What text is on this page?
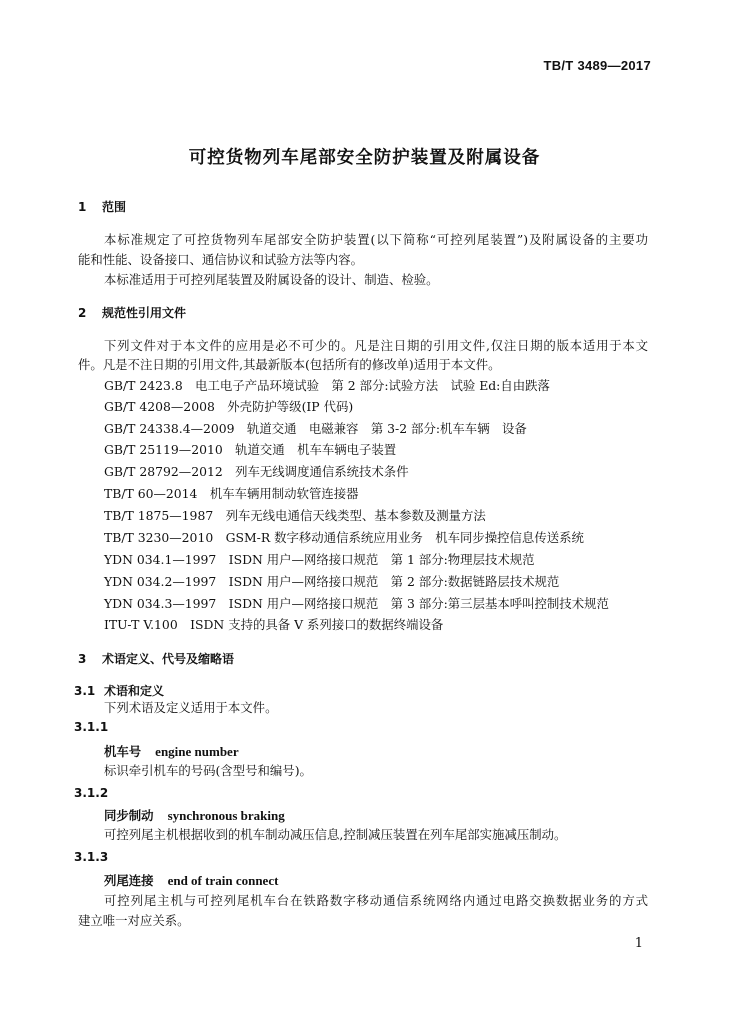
TB/T 3489—2017
可控货物列车尾部安全防护装置及附属设备
1 范围
本标准规定了可控货物列车尾部安全防护装置(以下简称“可控列尾装置”)及附属设备的主要功
能和性能、设备接口、通信协议和试验方法等内容。
本标准适用于可控列尾装置及附属设备的设计、制造、检验。
2 规范性引用文件
下列文件对于本文件的应用是必不可少的。凡是注日期的引用文件,仅注日期的版本适用于本文
件。凡是不注日期的引用文件,其最新版本(包括所有的修改单)适用于本文件。
GB/T 2423.8　电工电子产品环境试验　第 2 部分:试验方法　试验 Ed:自由跌落
GB/T 4208—2008　外壳防护等级(IP 代码)
GB/T 24338.4—2009　轨道交通　电磁兼容　第 3-2 部分:机车车辆　设备
GB/T 25119—2010　轨道交通　机车车辆电子装置
GB/T 28792—2012　列车无线调度通信系统技术条件
TB/T 60—2014　机车车辆用制动软管连接器
TB/T 1875—1987　列车无线电通信天线类型、基本参数及测量方法
TB/T 3230—2010　GSM-R 数字移动通信系统应用业务　机车同步操控信息传送系统
YDN 034.1—1997　ISDN 用户—网络接口规范　第 1 部分:物理层技术规范
YDN 034.2—1997　ISDN 用户—网络接口规范　第 2 部分:数据链路层技术规范
YDN 034.3—1997　ISDN 用户—网络接口规范　第 3 部分:第三层基本呼叫控制技术规范
ITU-T V.100　ISDN 支持的具备 V 系列接口的数据终端设备
3 术语定义、代号及缩略语
3.1 术语和定义
下列术语及定义适用于本文件。
3.1.1
机车号 engine number
标识牵引机车的号码(含型号和编号)。
3.1.2
同步制动 synchronous braking
可控列尾主机根据收到的机车制动减压信息,控制减压装置在列车尾部实施减压制动。
3.1.3
列尾连接 end of train connect
可控列尾主机与可控列尾机车台在铁路数字移动通信系统网络内通过电路交换数据业务的方式
建立唯一对应关系。
1
